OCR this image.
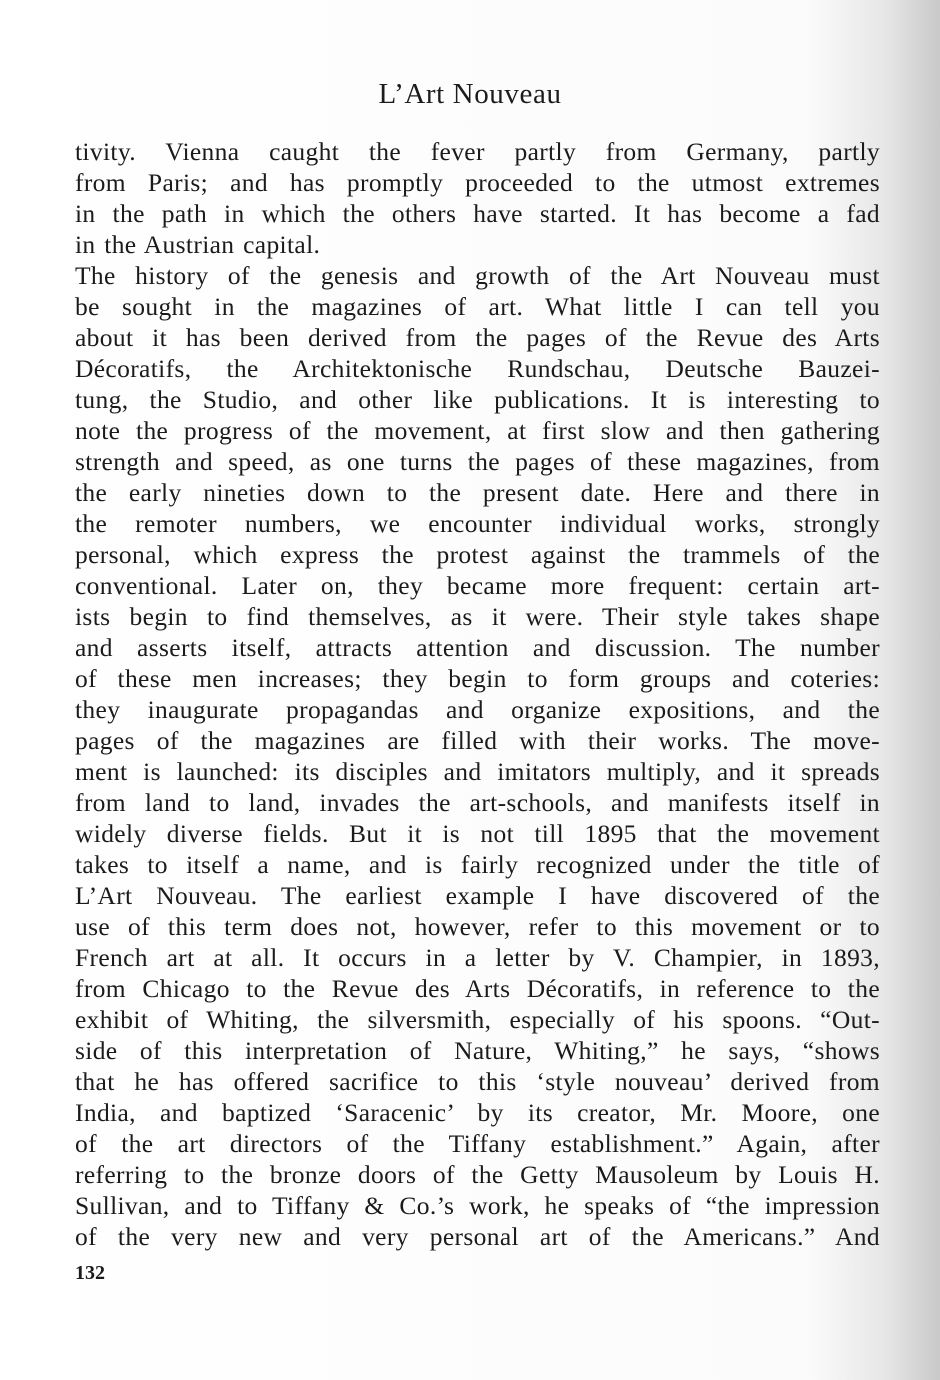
L’Art Nouveau
tivity. Vienna caught the fever partly from Germany, partly
from Paris; and has promptly proceeded to the utmost extremes
in the path in which the others have started. It has become a fad
in the Austrian capital.
The history of the genesis and growth of the Art Nouveau must
be sought in the magazines of art. What little I can tell you
about it has been derived from the pages of the Revue des Arts
Décoratifs, the Architektonische Rundschau, Deutsche Bauzei-
tung, the Studio, and other like publications. It is interesting to
note the progress of the movement, at first slow and then gathering
strength and speed, as one turns the pages of these magazines, from
the early nineties down to the present date. Here and there in
the remoter numbers, we encounter individual works, strongly
personal, which express the protest against the trammels of the
conventional. Later on, they became more frequent: certain art-
ists begin to find themselves, as it were. Their style takes shape
and asserts itself, attracts attention and discussion. The number
of these men increases; they begin to form groups and coteries:
they inaugurate propagandas and organize expositions, and the
pages of the magazines are filled with their works. The move-
ment is launched: its disciples and imitators multiply, and it spreads
from land to land, invades the art-schools, and manifests itself in
widely diverse fields. But it is not till 1895 that the movement
takes to itself a name, and is fairly recognized under the title of
L’Art Nouveau. The earliest example I have discovered of the
use of this term does not, however, refer to this movement or to
French art at all. It occurs in a letter by V. Champier, in 1893,
from Chicago to the Revue des Arts Décoratifs, in reference to the
exhibit of Whiting, the silversmith, especially of his spoons. “Out-
side of this interpretation of Nature, Whiting,” he says, “shows
that he has offered sacrifice to this ‘style nouveau’ derived from
India, and baptized ‘Saracenic’ by its creator, Mr. Moore, one
of the art directors of the Tiffany establishment.” Again, after
referring to the bronze doors of the Getty Mausoleum by Louis H.
Sullivan, and to Tiffany & Co.’s work, he speaks of “the impression
of the very new and very personal art of the Americans.” And
132
